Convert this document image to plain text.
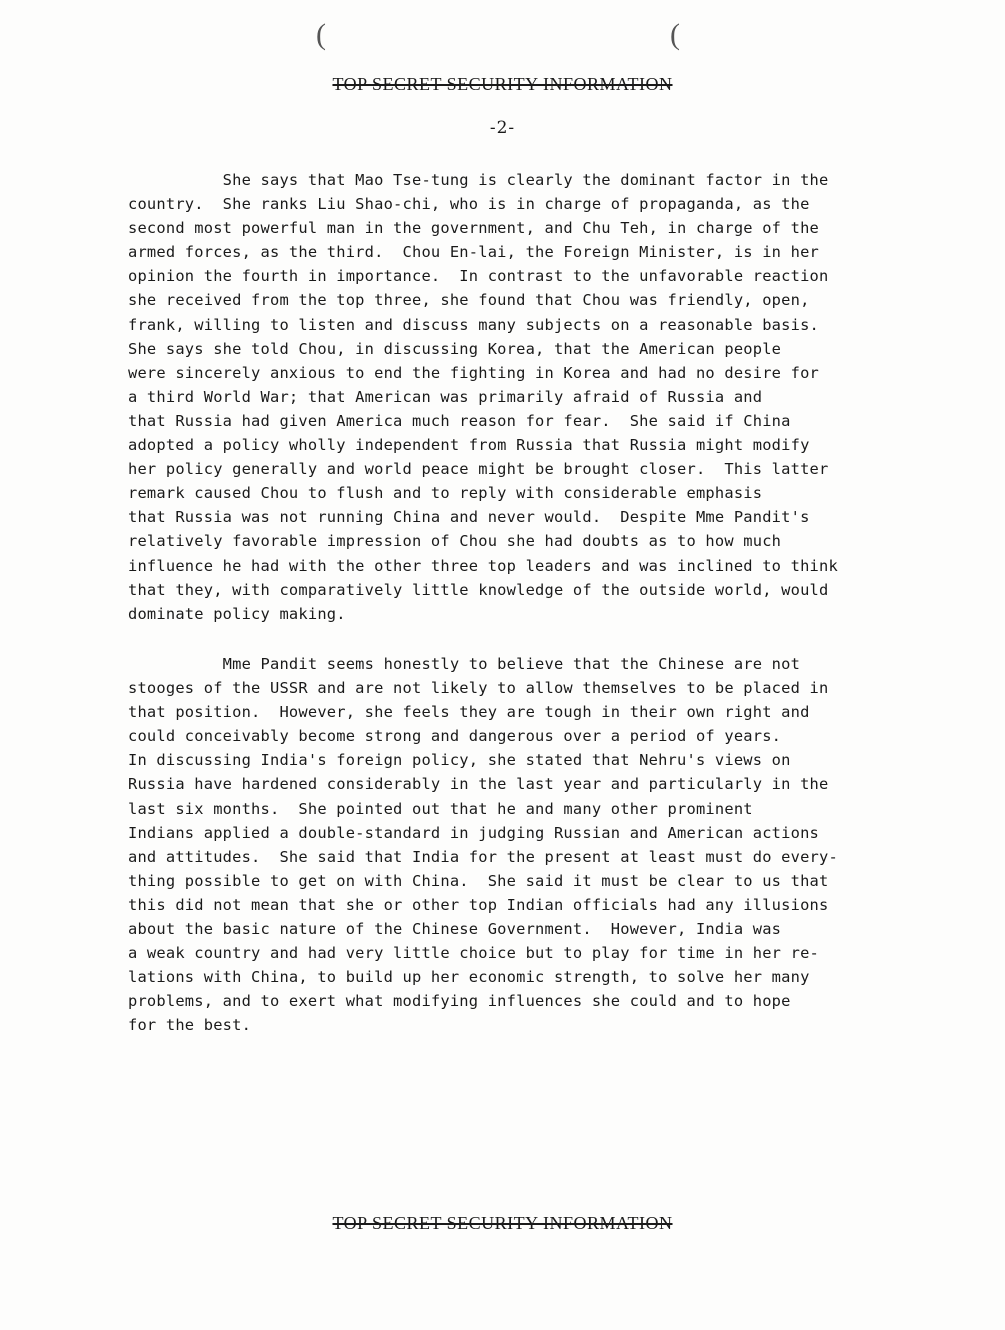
(	(
TOP SECRET SECURITY INFORMATION
-2-
She says that Mao Tse-tung is clearly the dominant factor in the
country.  She ranks Liu Shao-chi, who is in charge of propaganda, as the
second most powerful man in the government, and Chu Teh, in charge of the
armed forces, as the third.  Chou En-lai, the Foreign Minister, is in her
opinion the fourth in importance.  In contrast to the unfavorable reaction
she received from the top three, she found that Chou was friendly, open,
frank, willing to listen and discuss many subjects on a reasonable basis.
She says she told Chou, in discussing Korea, that the American people
were sincerely anxious to end the fighting in Korea and had no desire for
a third World War; that American was primarily afraid of Russia and
that Russia had given America much reason for fear.  She said if China
adopted a policy wholly independent from Russia that Russia might modify
her policy generally and world peace might be brought closer.  This latter
remark caused Chou to flush and to reply with considerable emphasis
that Russia was not running China and never would.  Despite Mme Pandit's
relatively favorable impression of Chou she had doubts as to how much
influence he had with the other three top leaders and was inclined to think
that they, with comparatively little knowledge of the outside world, would
dominate policy making.
Mme Pandit seems honestly to believe that the Chinese are not
stooges of the USSR and are not likely to allow themselves to be placed in
that position.  However, she feels they are tough in their own right and
could conceivably become strong and dangerous over a period of years.
In discussing India's foreign policy, she stated that Nehru's views on
Russia have hardened considerably in the last year and particularly in the
last six months.  She pointed out that he and many other prominent
Indians applied a double-standard in judging Russian and American actions
and attitudes.  She said that India for the present at least must do every-
thing possible to get on with China.  She said it must be clear to us that
this did not mean that she or other top Indian officials had any illusions
about the basic nature of the Chinese Government.  However, India was
a weak country and had very little choice but to play for time in her re-
lations with China, to build up her economic strength, to solve her many
problems, and to exert what modifying influences she could and to hope
for the best.
TOP SECRET SECURITY INFORMATION
